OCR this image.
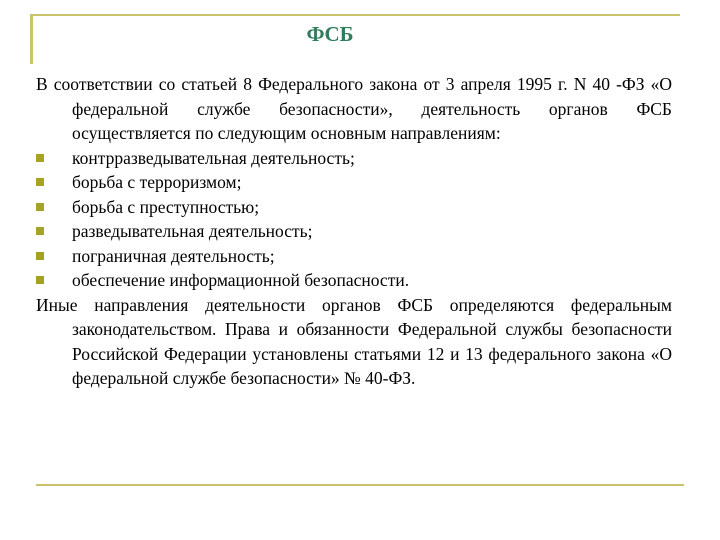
ФСБ

В соответствии со статьей 8 Федерального закона от 3 апреля 1995 г. N 40 -ФЗ «О федеральной службе безопасности», деятельность органов ФСБ осуществляется по следующим основным направлениям:

контрразведывательная деятельность;
борьба с терроризмом;
борьба с преступностью;
разведывательная деятельность;
пограничная деятельность;
обеспечение информационной безопасности.

Иные направления деятельности органов ФСБ определяются федеральным законодательством. Права и обязанности Федеральной службы безопасности Российской Федерации установлены статьями 12 и 13 федерального закона «О федеральной службе безопасности» № 40-ФЗ.
